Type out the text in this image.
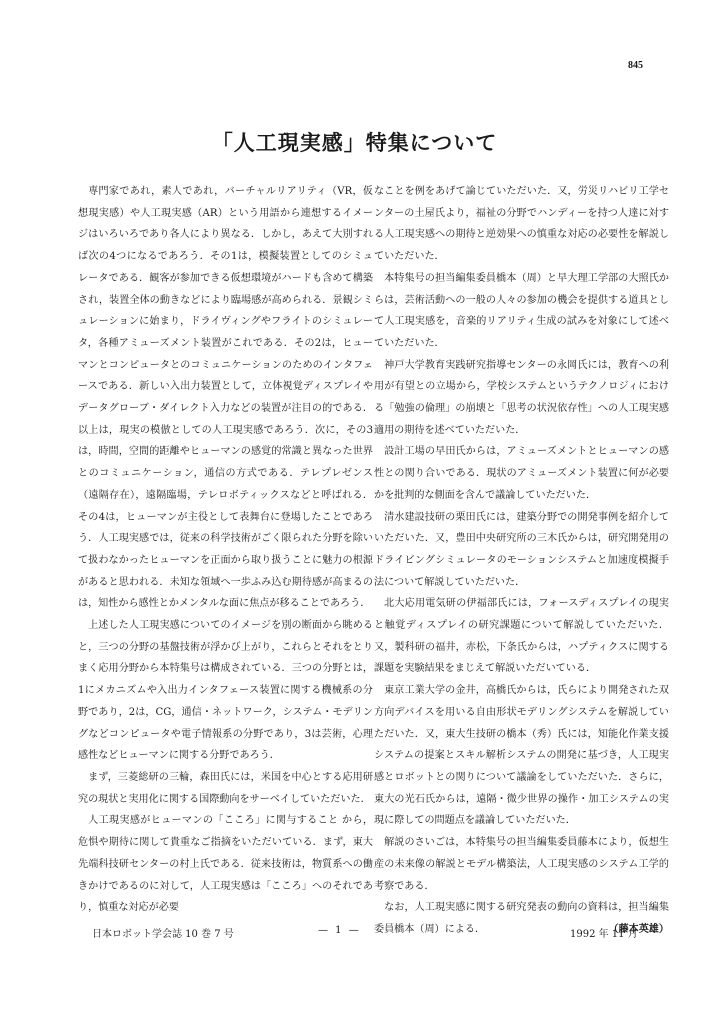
845
「人工現実感」特集について

専門家であれ，素人であれ，バーチャルリアリティ（VR，仮想現実感）や人工現実感（AR）という用語から連想するイメージはいろいろであり各人により異なる．しかし，あえて大別すれば次の4つになるであろう．その1は，模擬装置としてのシミュレータである．観客が参加できる仮想環境がハードも含めて構築され，装置全体の動きなどにより臨場感が高められる．景観シミュレーションに始まり，ドライヴィングやフライトのシミュレータ，各種アミューズメント装置がこれである．その2は，ヒューマンとコンピュータとのコミュニケーションのためのインタフェースである．新しい入出力装置として，立体視覚ディスプレイやデータグローブ・ダイレクト入力などの装置が注目の的である．以上は，現実の模倣としての人工現実感であろう．次に，その3は，時間，空間的距離やヒューマンの感覚的常識と異なった世界とのコミュニケーション，通信の方式である．テレプレゼンス（遠隔存在），遠隔臨場，テレロボティックスなどと呼ばれる．その4は，ヒューマンが主役として表舞台に登場したことであろう．人工現実感では，従来の科学技術がごく限られた分野を除いて扱わなかったヒューマンを正面から取り扱うことに魅力の根源があると思われる．未知な領域へ一歩ふみ込む期待感が高まるのは，知性から感性とかメンタルな面に焦点が移ることであろう．

上述した人工現実感についてのイメージを別の断面から眺めると，三つの分野の基盤技術が浮かび上がり，これらとそれをとりまく応用分野から本特集号は構成されている．三つの分野とは，1にメカニズムや入出力インタフェース装置に関する機械系の分野であり，2は，CG，通信・ネットワーク，システム・モデリングなどコンピュータや電子情報系の分野であり，3は芸術，心理感性などヒューマンに関する分野であろう．

まず，三菱総研の三輪，森田氏には，米国を中心とする応用研究の現状と実用化に関する国際動向をサーベイしていただいた．

人工現実感がヒューマンの「こころ」に関与すること から，危惧や期待に関して貴重なご指摘をいただいている．まず，東大先端科技研センターの村上氏である．従来技術は，物質系への働きかけであるのに対して，人工現実感は「こころ」へのそれであり，慎重な対応が必要

なことを例をあげて論じていただいた．又，労災リハビリ工学センターの土屋氏より，福祉の分野でハンディーを持つ人達に対する人工現実感への期待と逆効果への慎重な対応の必要性を解説していただいた．

本特集号の担当編集委員橋本（周）と早大理工学部の大照氏からは，芸術活動への一般の人々の参加の機会を提供する道具として人工現実感を，音楽的リアリティ生成の試みを対象にして述べていただいた．

神戸大学教育実践研究指導センターの永岡氏には，教育への利用が有望との立場から，学校システムというテクノロジィにおける「勉強の倫理」の崩壊と「思考の状況依存性」への人工現実感適用の期待を述べていただいた．

設計工場の早田氏からは，アミューズメントとヒューマンの感性との関り合いである．現状のアミューズメント装置に何が必要かを批判的な側面を含んで議論していただいた．

清水建設技研の栗田氏には，建築分野での開発事例を紹介していただいた．又，豊田中央研究所の三木氏からは，研究開発用のドライビングシミュレータのモーションシステムと加速度模擬手法について解説していただいた．

北大応用電気研の伊福部氏には，フォースディスプレイの現実と触覚ディスプレイの研究課題について解説していただいた．又，製科研の福井，赤松，下条氏からは，ハプティクスに関する課題を実験結果をまじえて解説いただいている．

東京工業大学の金井，高橋氏からは，氏らにより開発された双方向デバイスを用いる自由形状モデリングシステムを解説していただいた．又，東大生技研の橋本（秀）氏には，知能化作業支援システムの提案とスキル解析システムの開発に基づき，人工現実感とロボットとの関りについて議論をしていただいた．さらに，東大の光石氏からは，遠隔・微少世界の操作・加工システムの実現に際しての問題点を議論していただいた．

解説のさいごは，本特集号の担当編集委員藤本により，仮想生産の未来像の解説とモデル構築法，人工現実感のシステム工学的考察である．

なお，人工現実感に関する研究発表の動向の資料は，担当編集委員橋本（周）による．	（藤本英雄）

日本ロボット学会誌 10 巻 7 号	— 1 —	1992 年 11 月
